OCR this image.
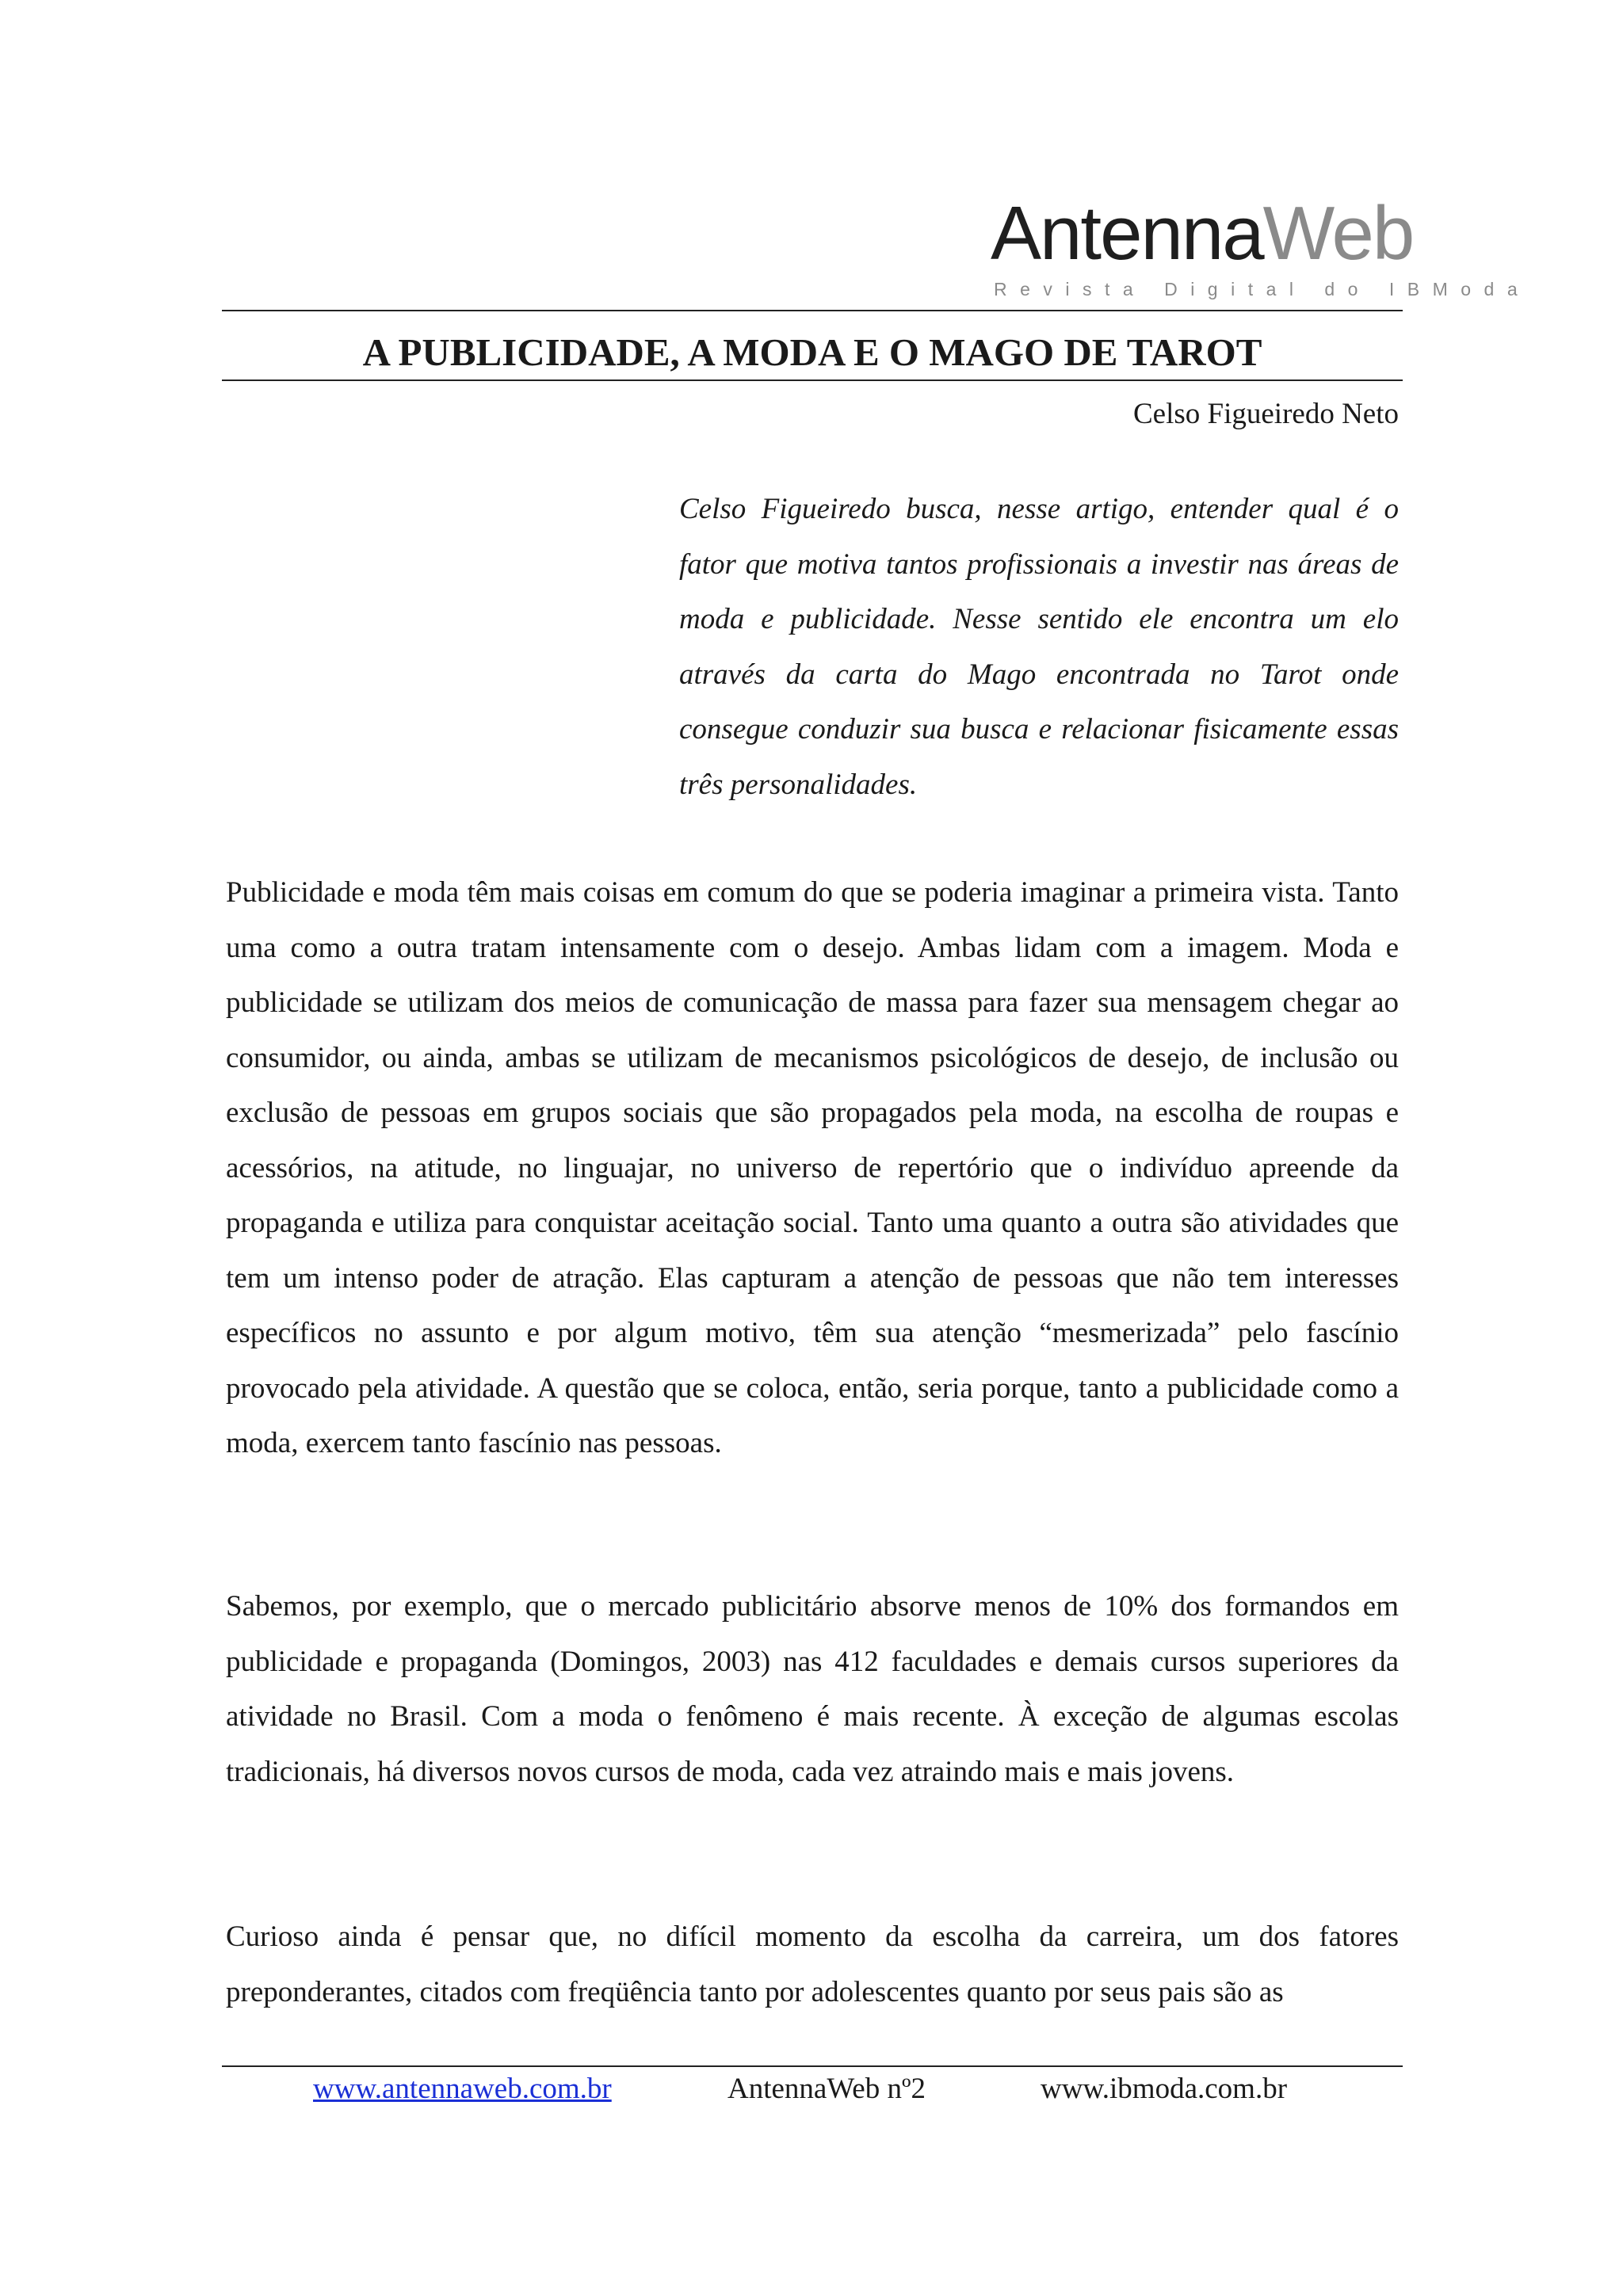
AntennaWeb
Revista Digital do IBModa
A PUBLICIDADE, A MODA E O MAGO DE TAROT

Celso Figueiredo Neto

Celso Figueiredo busca, nesse artigo, entender qual é o fator que motiva tantos profissionais a investir nas áreas de moda e publicidade. Nesse sentido ele encontra um elo através da carta do Mago encontrada no Tarot onde consegue conduzir sua busca e relacionar fisicamente essas três personalidades.

Publicidade e moda têm mais coisas em comum do que se poderia imaginar a primeira vista. Tanto uma como a outra tratam intensamente com o desejo. Ambas lidam com a imagem. Moda e publicidade se utilizam dos meios de comunicação de massa para fazer sua mensagem chegar ao consumidor, ou ainda, ambas se utilizam de mecanismos psicológicos de desejo, de inclusão ou exclusão de pessoas em grupos sociais que são propagados pela moda, na escolha de roupas e acessórios, na atitude, no linguajar, no universo de repertório que o indivíduo apreende da propaganda e utiliza para conquistar aceitação social. Tanto uma quanto a outra são atividades que tem um intenso poder de atração. Elas capturam a atenção de pessoas que não tem interesses específicos no assunto e por algum motivo, têm sua atenção “mesmerizada” pelo fascínio provocado pela atividade. A questão que se coloca, então, seria porque, tanto a publicidade como a moda, exercem tanto fascínio nas pessoas.

Sabemos, por exemplo, que o mercado publicitário absorve menos de 10% dos formandos em publicidade e propaganda (Domingos, 2003) nas 412 faculdades e demais cursos superiores da atividade no Brasil. Com a moda o fenômeno é mais recente. À exceção de algumas escolas tradicionais, há diversos novos cursos de moda, cada vez atraindo mais e mais jovens.

Curioso ainda é pensar que, no difícil momento da escolha da carreira, um dos fatores preponderantes, citados com freqüência tanto por adolescentes quanto por seus pais são as

www.antennaweb.com.br	AntennaWeb nº2	www.ibmoda.com.br
